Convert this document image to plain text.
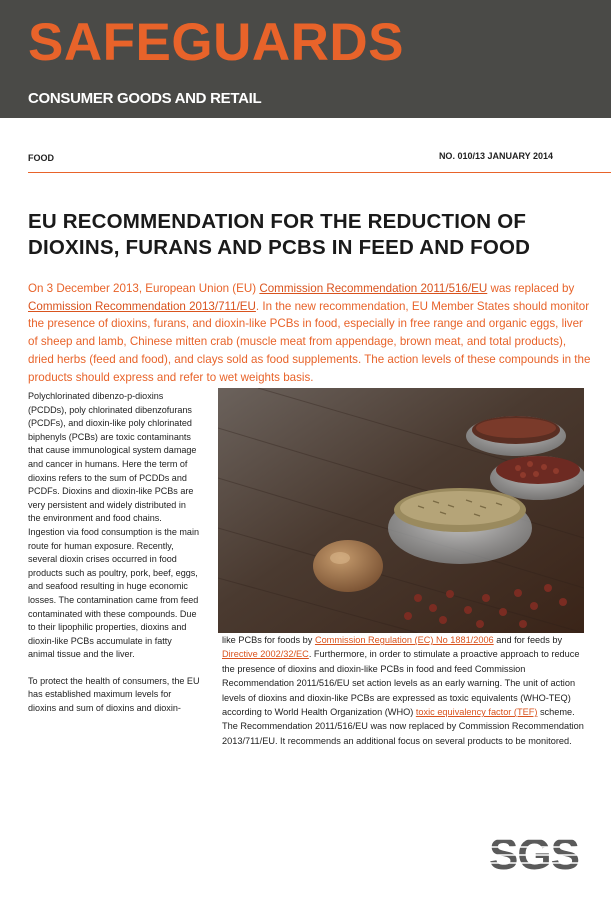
SAFEGUARDS
CONSUMER GOODS AND RETAIL
FOOD	NO. 010/13 JANUARY 2014
EU RECOMMENDATION FOR THE REDUCTION OF
DIOXINS, FURANS AND PCBS IN FEED AND FOOD
On 3 December 2013, European Union (EU) Commission Recommendation 2011/516/EU was replaced by Commission Recommendation 2013/711/EU. In the new recommendation, EU Member States should monitor the presence of dioxins, furans, and dioxin-like PCBs in food, especially in free range and organic eggs, liver of sheep and lamb, Chinese mitten crab (muscle meat from appendage, brown meat, and total products), dried herbs (feed and food), and clays sold as food supplements. The action levels of these compounds in the products should express and refer to wet weights basis.

Polychlorinated dibenzo-p-dioxins (PCDDs), poly chlorinated dibenzofurans (PCDFs), and dioxin-like poly chlorinated biphenyls (PCBs) are toxic contaminants that cause immunological system damage and cancer in humans. Here the term of dioxins refers to the sum of PCDDs and PCDFs. Dioxins and dioxin-like PCBs are very persistent and widely distributed in the environment and food chains. Ingestion via food consumption is the main route for human exposure. Recently, several dioxin crises occurred in food products such as poultry, pork, beef, eggs, and seafood resulting in huge economic losses. The contamination came from feed contaminated with these compounds. Due to their lipophilic properties, dioxins and dioxin-like PCBs accumulate in fatty animal tissue and the liver.

To protect the health of consumers, the EU has established maximum levels for dioxins and sum of dioxins and dioxin-

like PCBs for foods by Commission Regulation (EC) No 1881/2006 and for feeds by Directive 2002/32/EC. Furthermore, in order to stimulate a proactive approach to reduce the presence of dioxins and dioxin-like PCBs in food and feed Commission Recommendation 2011/516/EU set action levels as an early warning. The unit of action levels of dioxins and dioxin-like PCBs are expressed as toxic equivalents (WHO-TEQ) according to World Health Organization (WHO) toxic equivalency factor (TEF) scheme. The Recommendation 2011/516/EU was now replaced by Commission Recommendation 2013/711/EU. It recommends an additional focus on several products to be monitored.

SGS
